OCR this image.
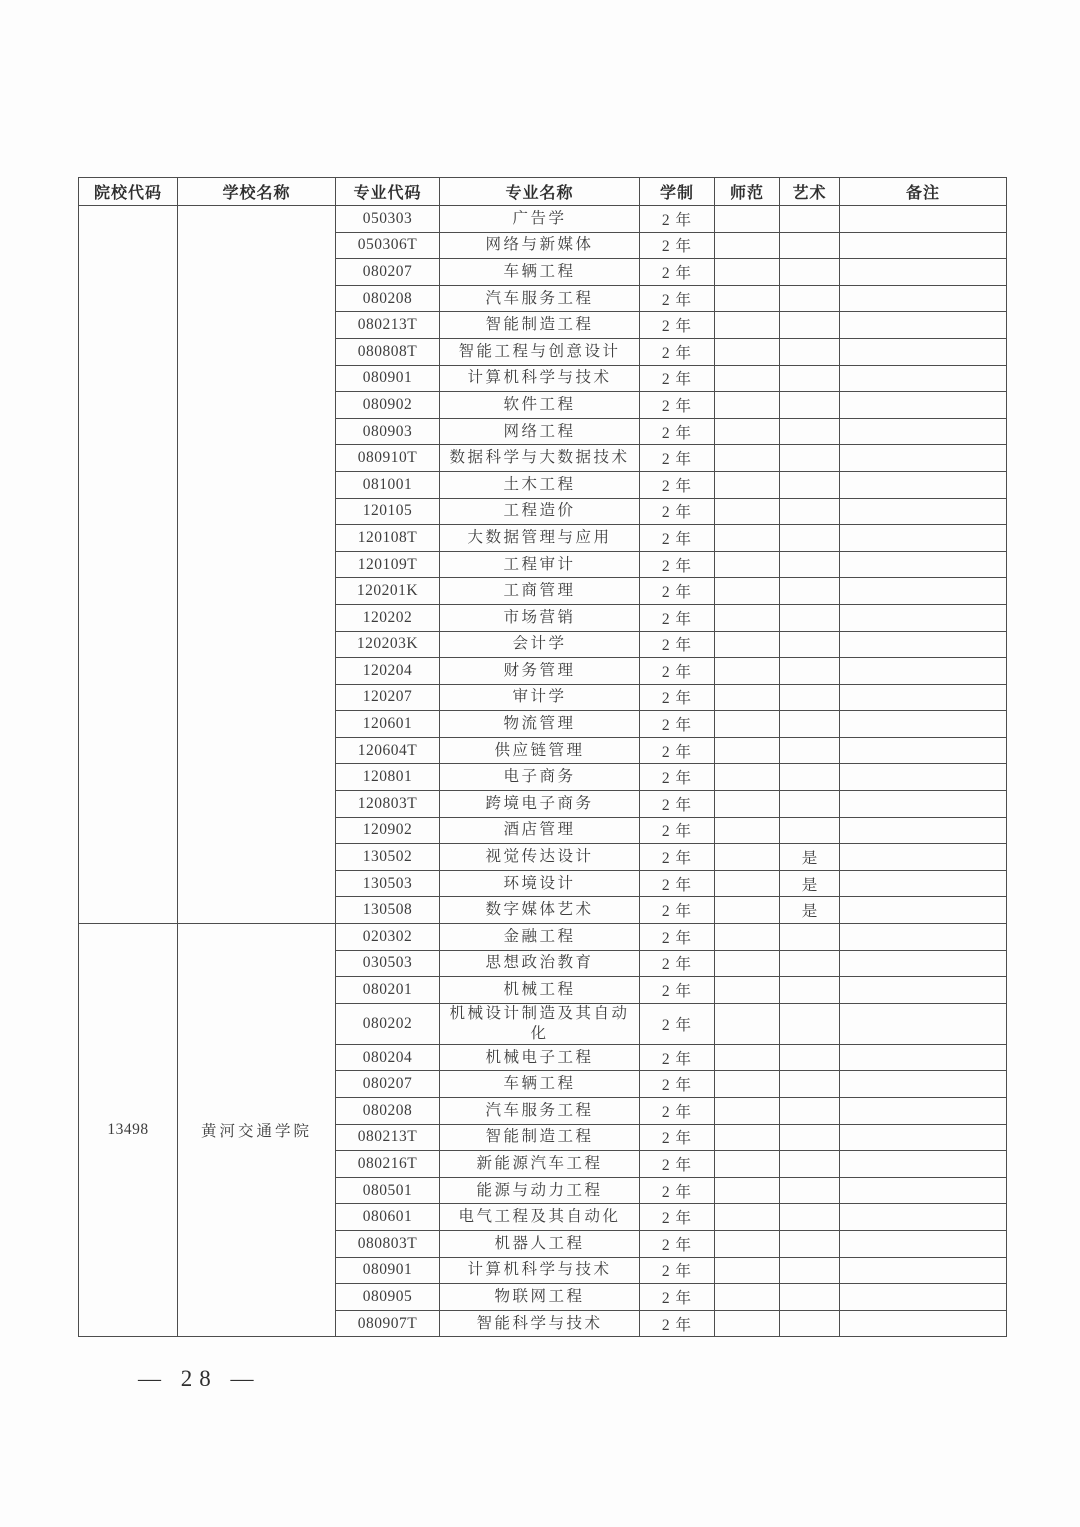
院校代码	学校名称	专业代码	专业名称	学制	师范	艺术	备注
		050303	广告学	2 年			
		050306T	网络与新媒体	2 年			
		080207	车辆工程	2 年			
		080208	汽车服务工程	2 年			
		080213T	智能制造工程	2 年			
		080808T	智能工程与创意设计	2 年			
		080901	计算机科学与技术	2 年			
		080902	软件工程	2 年			
		080903	网络工程	2 年			
		080910T	数据科学与大数据技术	2 年			
		081001	土木工程	2 年			
		120105	工程造价	2 年			
		120108T	大数据管理与应用	2 年			
		120109T	工程审计	2 年			
		120201K	工商管理	2 年			
		120202	市场营销	2 年			
		120203K	会计学	2 年			
		120204	财务管理	2 年			
		120207	审计学	2 年			
		120601	物流管理	2 年			
		120604T	供应链管理	2 年			
		120801	电子商务	2 年			
		120803T	跨境电子商务	2 年			
		120902	酒店管理	2 年			
		130502	视觉传达设计	2 年		是	
		130503	环境设计	2 年		是	
		130508	数字媒体艺术	2 年		是	
13498	黄河交通学院	020302	金融工程	2 年			
		030503	思想政治教育	2 年			
		080201	机械工程	2 年			
		080202	机械设计制造及其自动化	2 年			
		080204	机械电子工程	2 年			
		080207	车辆工程	2 年			
		080208	汽车服务工程	2 年			
		080213T	智能制造工程	2 年			
		080216T	新能源汽车工程	2 年			
		080501	能源与动力工程	2 年			
		080601	电气工程及其自动化	2 年			
		080803T	机器人工程	2 年			
		080901	计算机科学与技术	2 年			
		080905	物联网工程	2 年			
		080907T	智能科学与技术	2 年			
— 28 —
